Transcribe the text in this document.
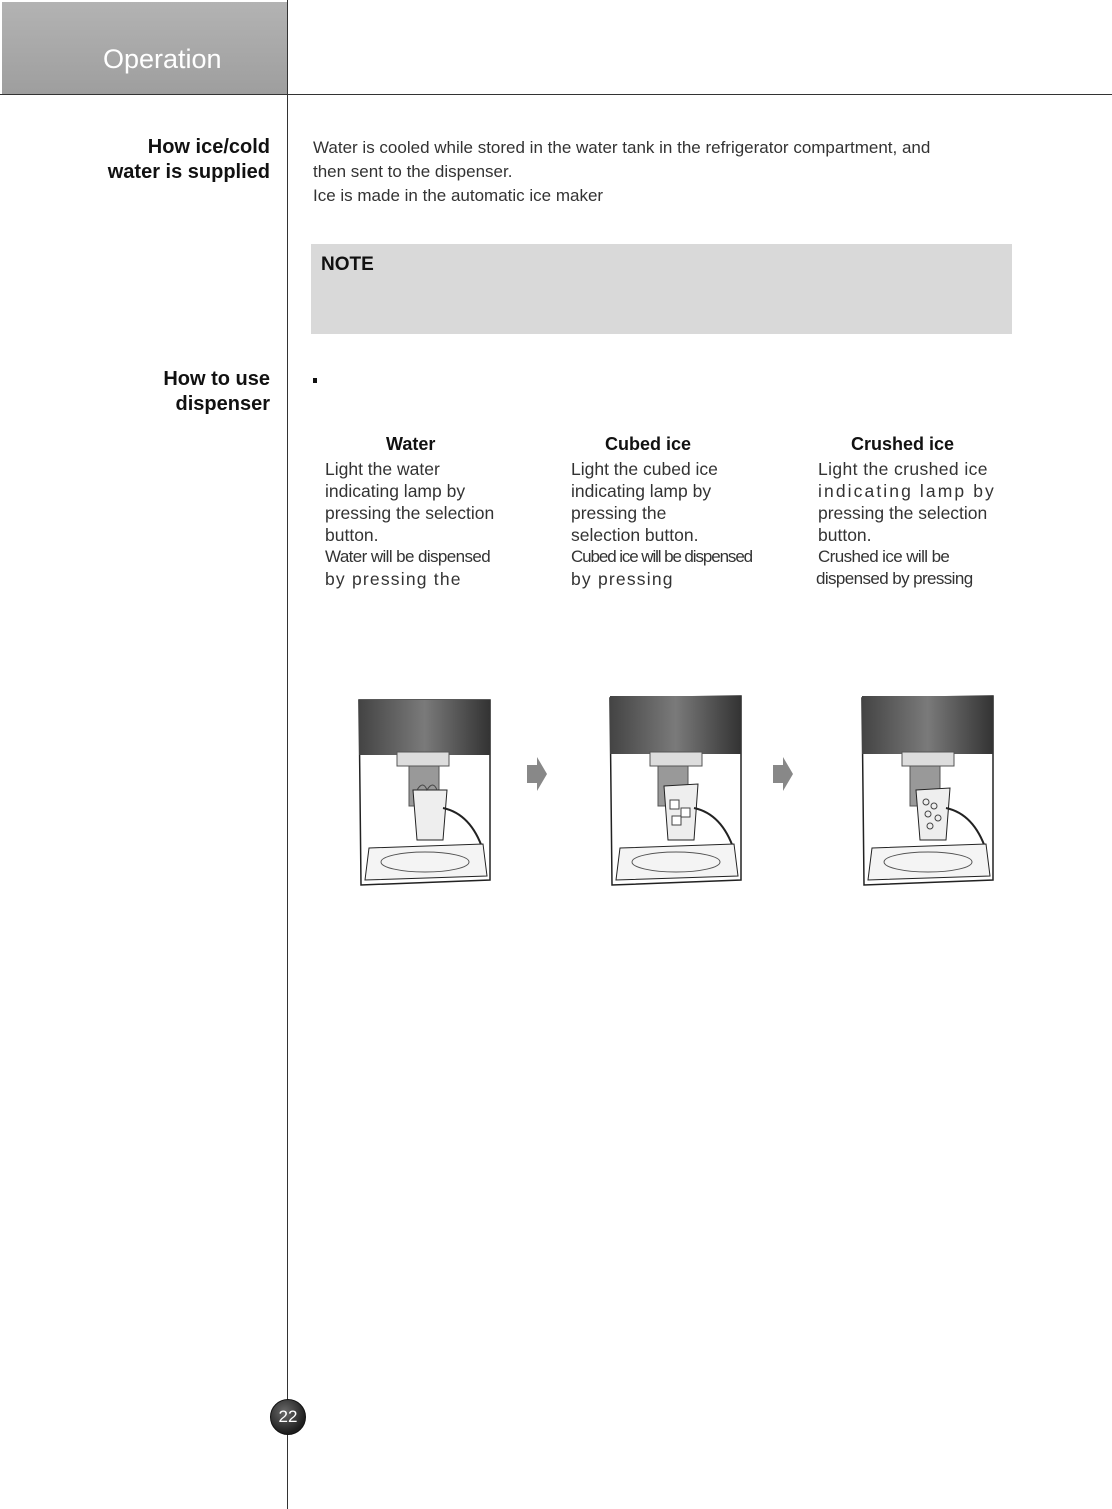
Operation
How ice/cold
water is supplied

Water is cooled while stored in the water tank in the refrigerator compartment, and

then sent to the dispenser.

Ice is made in the automatic ice maker

NOTE
How to use
dispenser
Water
Light the water
indicating lamp by
pressing the selection
button.
Water will be dispensed
by pressing the
Cubed ice
Light the cubed ice
indicating lamp by
pressing the
selection button.
Cubed ice will be dispensed
by pressing
Crushed ice
Light the crushed ice
indicating lamp by
pressing the selection
button.
Crushed ice will be
dispensed by pressing
22
